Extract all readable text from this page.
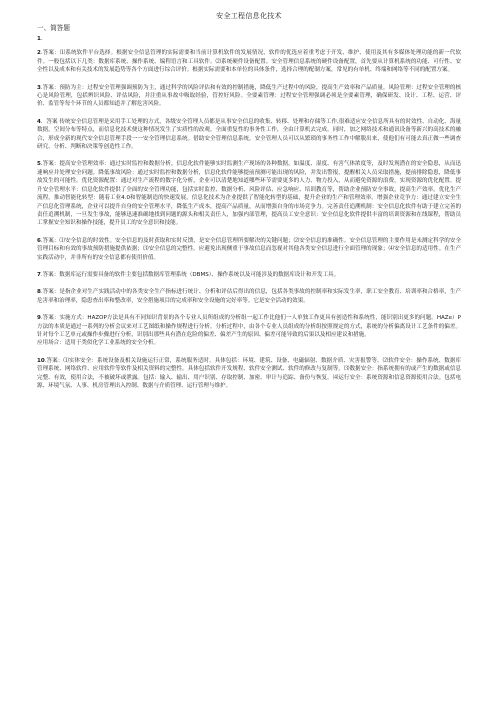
安全工程信息化技术
一、简答题

1.

2.答案：⑴系统软件平台选择。根据安全信息管理的实际需要和当前计算机软件的发展情况，软件的优选应着重考虑于开发、维护、使用及其有多媒体处理功能的新一代软件。一般包括以下几类：数据库系统、操作系统、编程语言和工具软件。⑵系统硬件设备配置。安全管理信息系统的硬件设备配置，首先要从计算机系统的功能、可行性、安全性以及成本和有关技术的发展趋势等各个方面进行综合评价。根据实际需要和本单位的具体条件，选择合理的配制方案，常见的有单机、终端和网络等不同的配置方案。

3.答案：预防为主：过程安全管理强调预防为主，通过科学的风险评估和有效的控制措施，降低生产过程中的风险，提高生产效率和产品质量。风险管理：过程安全管理的核心是风险管理，包括辨识风险、评估风险，并注重从事故中吸取经验，管控好风险。全要素管理：过程安全管理强调必须是全要素管理，确保研发、设计、工程、运营、评价、监管等每个环节的人员都知道并了解危害风险。

4．答案 传统安全信息管理是采用手工处理的方式，各级安全管理人员都是从事安全信息的收集、转移、处理和存储等工作,很难适应安全信息所具有的时效性、自动化、海量数据，空间分布等特点，而信息化技术便这种情况发生了实质性的改观。全面重复性的事务性工作，全由计算机去完成。同时，加之网络技术和通讯设备等新兴的高技术的融合，形成全新的现代安全信息管理手段一一安全管理信息系统。借助安全管理信息系统，安全管理人员可以从繁琐的事务性工作中解脱出来，使他们有可能去真正做一些调查研究、分析、判断和决策等创造性工作。

5.答案：提高安全管理效率：通过实时监控和数据分析，信息化软件能够实时监测生产现场的各种数据，如温度、湿度、有害气体浓度等，及时发现潜在的安全隐患，从而迅速响应并处理安全问题。降低事故风险：通过实时监控和数据分析，信息化软件能够提前预测可能出现的风险，并发出警报，提醒相关人员采取措施，提前排除隐患，降低事故发生的可能性。优化资源配置：通过对生产流程的数字化分析，企业可以清楚地知道哪些环节需要更多的人力、物力投入，从而避免资源的浪费，实现资源的优化配置。提升安全管理水平：信息化软件提供了全面的安全管理功能，包括实时监控、数据分析、风险评估、应急响应、培训教育等，帮助企业预防安全事故，提高生产效率，优化生产流程。推动智能化转型：随着工业4.0和智能制造的快速发展，信息化技术为企业提供了智能化转型的基础，提升企业的生产和管理效率。增强企业竞争力：通过建立安全生产信息化管理系统，企业可以提升自身的安全管理水平，降低生产成本，提高产品质量，从而增强自身的市场竞争力。完善责任追溯机制：安全信息化软件有助于建立完善的责任追溯机制，一旦发生事故，能够迅速准确地找到问题的源头和相关责任人，加强内部管理，提高员工安全意识：安全信息化软件提供丰富的培训资源和在线课程，帮助员工掌握安全知识和操作技能，提升员工的安全意识和技能。

6.答案：⑴安全信息的时效性。安全信息的及时获取和实时反馈，是安全信息管理所要解决的关键问题；⑵安全信息的准确性。安全信息管理的主要作用是未测定科学的安全管理目标和有效的事故预防措施提供依据；⑶安全信息的完整性。应避免出现侧重于事故信息而忽视对其他各类安全信息进行全面管理的现象；⑷安全信息的适用性。在生产实践活动中，并非所有的安全信息都有使用价值。

7.答案：数据库运行需要具备的软件主要包括数据库管理系统（DBMS）、操作系统以及可能涉及的数据库设计和开发工具。

8.答案：是指企业对生产实践活动中的各类安全生产指标进行统计、分析和评估后得出的信息，包括各类事故的控制率和实际发生率，职工安全教育、培训率和合格率，生产危害率和治理率，隐患查出率和整改率，安全措施项目的完成率和安全设施的完好率等。它是安全活动的效果。

9.答案：实施方式：HAZOP方法是具有不同知识背景的各个专业人员所组成的分析组一起工作比他们一人单独工作更具有创造性和系统性，能识别出更多的问题。HAZe）P方法的本质是通过一系列的分析会议来对工艺图纸和操作规程进行分析。分析过程中，由各个专业人员组成的分析组按照规定的方式，系统的分析偏离设计工艺条件的偏差。针对每个工艺单元或操作步骤进行分析，识别出那些具有潜在危险的偏差、偏差产生的原因、偏差可能导致的后果以及相应建议和措施。
应用场合：适用于类似化学工业系统的安全分析。

10.答案：⑴实体安全：系统设备及相关设施运行正常，系统服务适时。具体包括：环境、建筑、设备、电磁辐射、数据介质、灾害报警等。⑵软件安全：操作系统、数据库管理系统、网络软件、应用软件等软件及相关资料的完整性。具体包括软件开发规程、软件安全测试、软件的修改与复制等。⑶数据安全：指系统拥有的或产生的数据或信息完整、有效，使用合法，不被破坏或泄露。包括：输入、输出、用户识别、存取控制、加密、审计与追踪、备份与恢复。⑷运行安全：系统资源和信息资源使用合法。包括电源、环境气氛、人事、机房管理出入控制、数据与介质管理、运行管理与维护。
